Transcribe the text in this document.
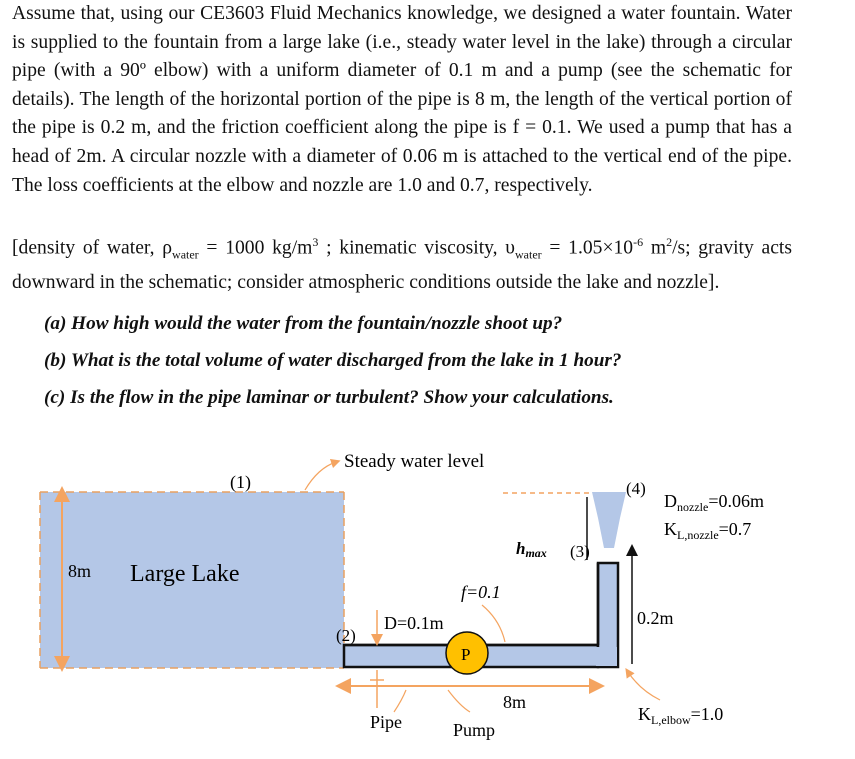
Assume that, using our CE3603 Fluid Mechanics knowledge, we designed a water fountain. Water is supplied to the fountain from a large lake (i.e., steady water level in the lake) through a circular pipe (with a 90º elbow) with a uniform diameter of 0.1 m and a pump (see the schematic for details). The length of the horizontal portion of the pipe is 8 m, the length of the vertical portion of the pipe is 0.2 m, and the friction coefficient along the pipe is f = 0.1. We used a pump that has a head of 2m. A circular nozzle with a diameter of 0.06 m is attached to the vertical end of the pipe. The loss coefficients at the elbow and nozzle are 1.0 and 0.7, respectively.
[density of water, $\rho_{water} = 1000$ $kg/m^3$ ; kinematic viscosity, $\upsilon_{water} = 1.05\times 10^{-6}$ $m^2/s$; gravity acts downward in the schematic; consider atmospheric conditions outside the lake and nozzle].
(a) How high would the water from the fountain/nozzle shoot up?
(b) What is the total volume of water discharged from the lake in 1 hour?
(c) Is the flow in the pipe laminar or turbulent? Show your calculations.
8m Large Lake
Steady water level
(1)
hmax (3)
(4)
0.2m
$D_{nozzle}=0.06m$
$K_{L,nozzle}=0.7$
(2)
D=0.1m
f=0.1
P
8m
Pipe	Pump
$K_{L,elbow}=1.0$
